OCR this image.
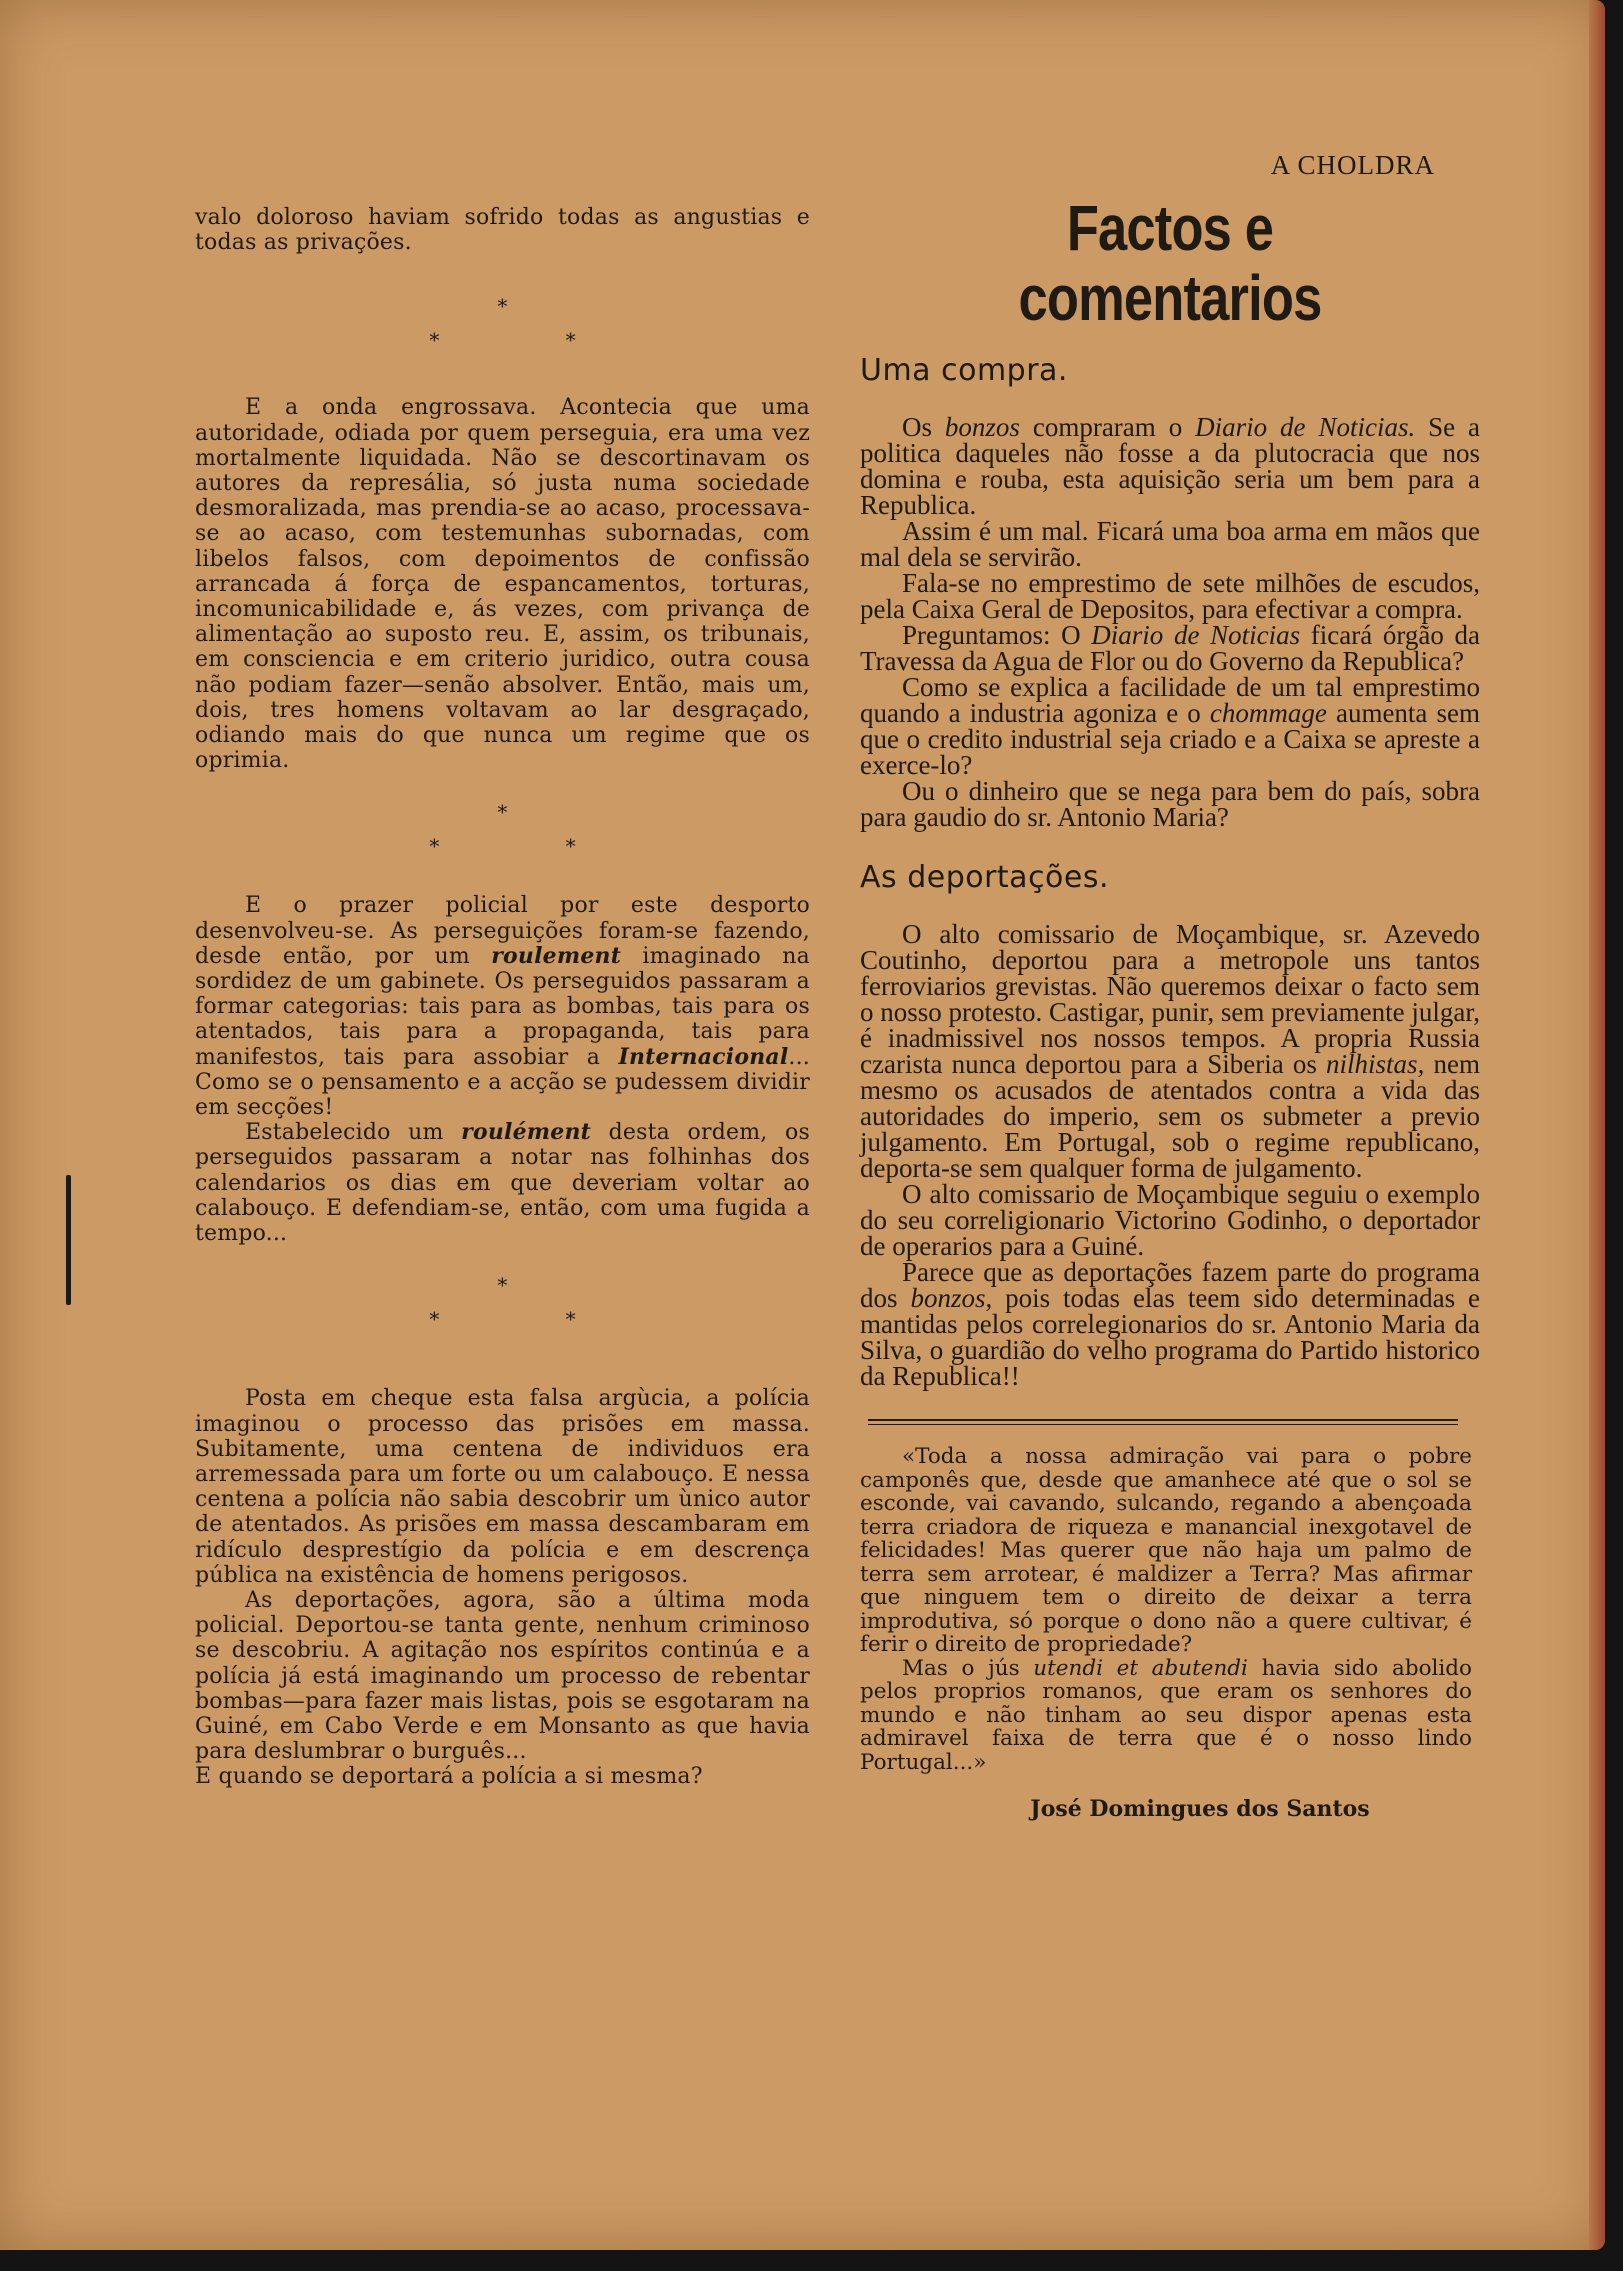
valo doloroso haviam sofrido todas as angustias e todas as privações.

*
* *

E a onda engrossava. Acontecia que uma autoridade, odiada por quem perseguia, era uma vez mortalmente liquidada. Não se descortinavam os autores da represália, só justa numa sociedade desmoralizada, mas prendia-se ao acaso, processava-se ao acaso, com testemunhas subornadas, com libelos falsos, com depoimentos de confissão arrancada á força de espancamentos, torturas, incomunicabilidade e, ás vezes, com privança de alimentação ao suposto reu. E, assim, os tribunais, em consciencia e em criterio juridico, outra cousa não podiam fazer—senão absolver. Então, mais um, dois, tres homens voltavam ao lar desgraçado, odiando mais do que nunca um regime que os oprimia.

*
* *

E o prazer policial por este desporto desenvolveu-se. As perseguições foram-se fazendo, desde então, por um roulement imaginado na sordidez de um gabinete. Os perseguidos passaram a formar categorias: tais para as bombas, tais para os atentados, tais para a propaganda, tais para manifestos, tais para assobiar a Internacional... Como se o pensamento e a acção se pudessem dividir em secções!

Estabelecido um roulément desta ordem, os perseguidos passaram a notar nas folhinhas dos calendarios os dias em que deveriam voltar ao calabouço. E defendiam-se, então, com uma fugida a tempo...

*
* *

Posta em cheque esta falsa argùcia, a polícia imaginou o processo das prisões em massa. Subitamente, uma centena de individuos era arremessada para um forte ou um calabouço. E nessa centena a polícia não sabia descobrir um ùnico autor de atentados. As prisões em massa descambaram em ridículo desprestígio da polícia e em descrença pública na existência de homens perigosos.

As deportações, agora, são a última moda policial. Deportou-se tanta gente, nenhum criminoso se descobriu. A agitação nos espíritos continúa e a polícia já está imaginando um processo de rebentar bombas—para fazer mais listas, pois se esgotaram na Guiné, em Cabo Verde e em Monsanto as que havia para deslumbrar o burguês...

E quando se deportará a polícia a si mesma?

A CHOLDRA
Factos e comentarios
Uma compra.

Os bonzos compraram o Diario de Noticias. Se a politica daqueles não fosse a da plutocracia que nos domina e rouba, esta aquisição seria um bem para a Republica.

Assim é um mal. Ficará uma boa arma em mãos que mal dela se servirão.

Fala-se no emprestimo de sete milhões de escudos, pela Caixa Geral de Depositos, para efectivar a compra.

Preguntamos: O Diario de Noticias ficará órgão da Travessa da Agua de Flor ou do Governo da Republica?

Como se explica a facilidade de um tal emprestimo quando a industria agoniza e o chommage aumenta sem que o credito industrial seja criado e a Caixa se apreste a exerce-lo?

Ou o dinheiro que se nega para bem do país, sobra para gaudio do sr. Antonio Maria?

As deportações.

O alto comissario de Moçambique, sr. Azevedo Coutinho, deportou para a metropole uns tantos ferroviarios grevistas. Não queremos deixar o facto sem o nosso protesto. Castigar, punir, sem previamente julgar, é inadmissivel nos nossos tempos. A propria Russia czarista nunca deportou para a Siberia os nilhistas, nem mesmo os acusados de atentados contra a vida das autoridades do imperio, sem os submeter a previo julgamento. Em Portugal, sob o regime republicano, deporta-se sem qualquer forma de julgamento.

O alto comissario de Moçambique seguiu o exemplo do seu correligionario Victorino Godinho, o deportador de operarios para a Guiné.

Parece que as deportações fazem parte do programa dos bonzos, pois todas elas teem sido determinadas e mantidas pelos correlegionarios do sr. Antonio Maria da Silva, o guardião do velho programa do Partido historico da Republica!!

«Toda a nossa admiração vai para o pobre camponês que, desde que amanhece até que o sol se esconde, vai cavando, sulcando, regando a abençoada terra criadora de riqueza e manancial inexgotavel de felicidades! Mas querer que não haja um palmo de terra sem arrotear, é maldizer a Terra? Mas afirmar que ninguem tem o direito de deixar a terra improdutiva, só porque o dono não a quere cultivar, é ferir o direito de propriedade?

Mas o jús utendi et abutendi havia sido abolido pelos proprios romanos, que eram os senhores do mundo e não tinham ao seu dispor apenas esta admiravel faixa de terra que é o nosso lindo Portugal...»

José Domingues dos Santos
